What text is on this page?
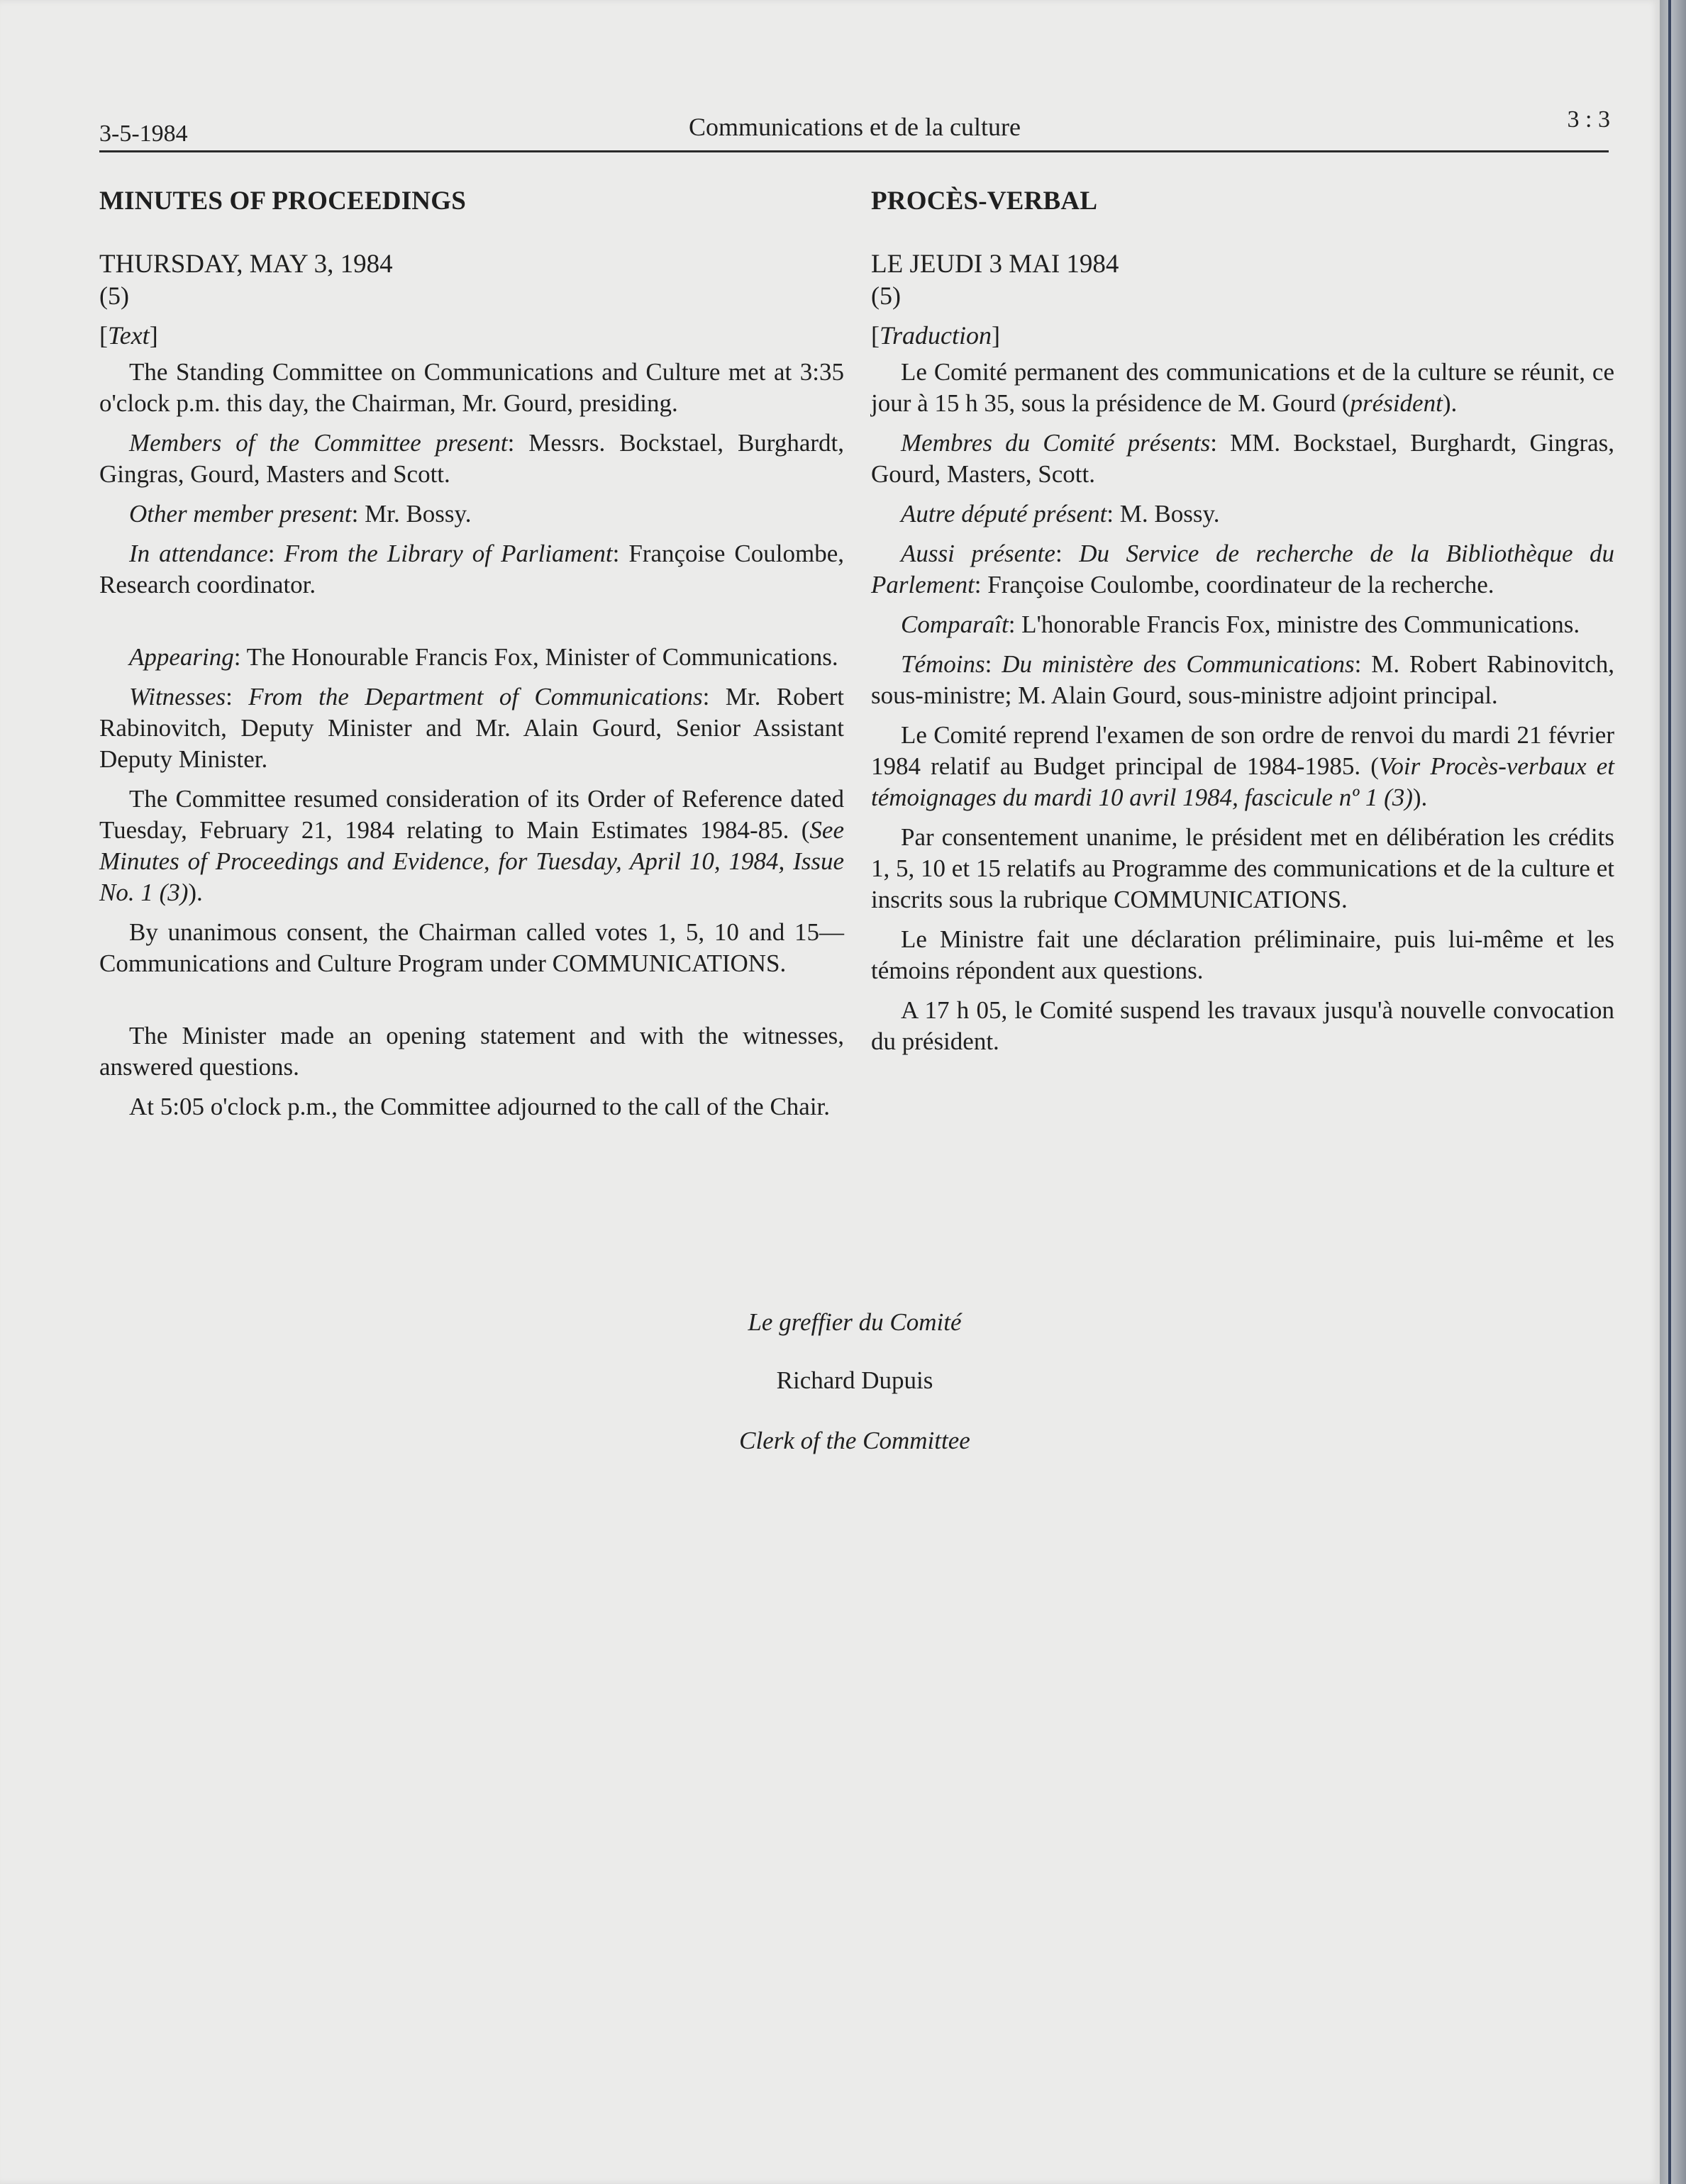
3-5-1984	Communications et de la culture	3 : 3
MINUTES OF PROCEEDINGS
THURSDAY, MAY 3, 1984
(5)
[Text]

The Standing Committee on Communications and Culture met at 3:35 o'clock p.m. this day, the Chairman, Mr. Gourd, presiding.

Members of the Committee present: Messrs. Bockstael, Burghardt, Gingras, Gourd, Masters and Scott.

Other member present: Mr. Bossy.

In attendance: From the Library of Parliament: Françoise Coulombe, Research coordinator.

Appearing: The Honourable Francis Fox, Minister of Communications.

Witnesses: From the Department of Communications: Mr. Robert Rabinovitch, Deputy Minister and Mr. Alain Gourd, Senior Assistant Deputy Minister.

The Committee resumed consideration of its Order of Reference dated Tuesday, February 21, 1984 relating to Main Estimates 1984-85. (See Minutes of Proceedings and Evidence, for Tuesday, April 10, 1984, Issue No. 1 (3)).

By unanimous consent, the Chairman called votes 1, 5, 10 and 15—Communications and Culture Program under COMMUNICATIONS.

The Minister made an opening statement and with the witnesses, answered questions.

At 5:05 o'clock p.m., the Committee adjourned to the call of the Chair.

PROCÈS-VERBAL
LE JEUDI 3 MAI 1984
(5)
[Traduction]

Le Comité permanent des communications et de la culture se réunit, ce jour à 15 h 35, sous la présidence de M. Gourd (président).

Membres du Comité présents: MM. Bockstael, Burghardt, Gingras, Gourd, Masters, Scott.

Autre député présent: M. Bossy.

Aussi présente: Du Service de recherche de la Bibliothèque du Parlement: Françoise Coulombe, coordinateur de la recherche.

Comparaît: L'honorable Francis Fox, ministre des Communications.

Témoins: Du ministère des Communications: M. Robert Rabinovitch, sous-ministre; M. Alain Gourd, sous-ministre adjoint principal.

Le Comité reprend l'examen de son ordre de renvoi du mardi 21 février 1984 relatif au Budget principal de 1984-1985. (Voir Procès-verbaux et témoignages du mardi 10 avril 1984, fascicule nº 1 (3)).

Par consentement unanime, le président met en délibération les crédits 1, 5, 10 et 15 relatifs au Programme des communications et de la culture et inscrits sous la rubrique COMMUNICATIONS.

Le Ministre fait une déclaration préliminaire, puis lui-même et les témoins répondent aux questions.

A 17 h 05, le Comité suspend les travaux jusqu'à nouvelle convocation du président.

Le greffier du Comité
Richard Dupuis
Clerk of the Committee
